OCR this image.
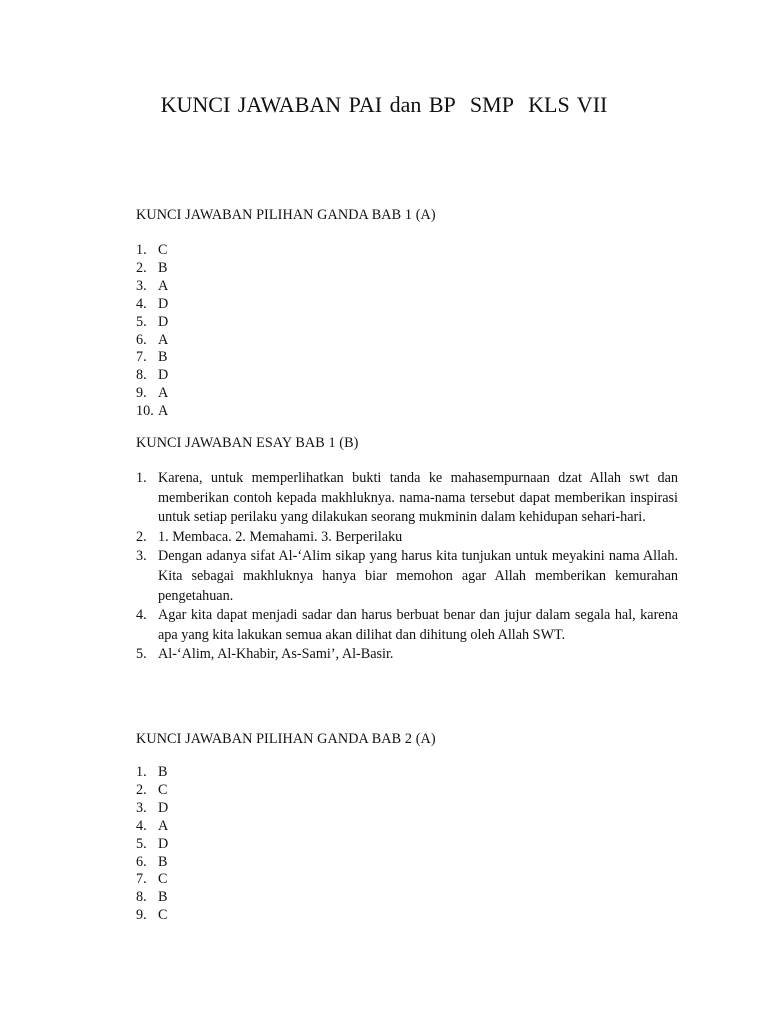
KUNCI JAWABAN PAI dan BP  SMP  KLS VII
KUNCI JAWABAN PILIHAN GANDA BAB 1 (A)
1. C
2. B
3. A
4. D
5. D
6. A
7. B
8. D
9. A
10. A
KUNCI JAWABAN ESAY BAB 1 (B)
1. Karena, untuk memperlihatkan bukti tanda ke mahasempurnaan dzat Allah swt dan memberikan contoh kepada makhluknya. nama-nama tersebut dapat memberikan inspirasi untuk setiap perilaku yang dilakukan seorang mukminin dalam kehidupan sehari-hari.
2. 1. Membaca. 2. Memahami. 3. Berperilaku
3. Dengan adanya sifat Al-‘Alim sikap yang harus kita tunjukan untuk meyakini nama Allah. Kita sebagai makhluknya hanya biar memohon agar Allah memberikan kemurahan pengetahuan.
4. Agar kita dapat menjadi sadar dan harus berbuat benar dan jujur dalam segala hal, karena apa yang kita lakukan semua akan dilihat dan dihitung oleh Allah SWT.
5. Al-‘Alim, Al-Khabir, As-Sami’, Al-Basir.
KUNCI JAWABAN PILIHAN GANDA BAB 2 (A)
1. B
2. C
3. D
4. A
5. D
6. B
7. C
8. B
9. C
